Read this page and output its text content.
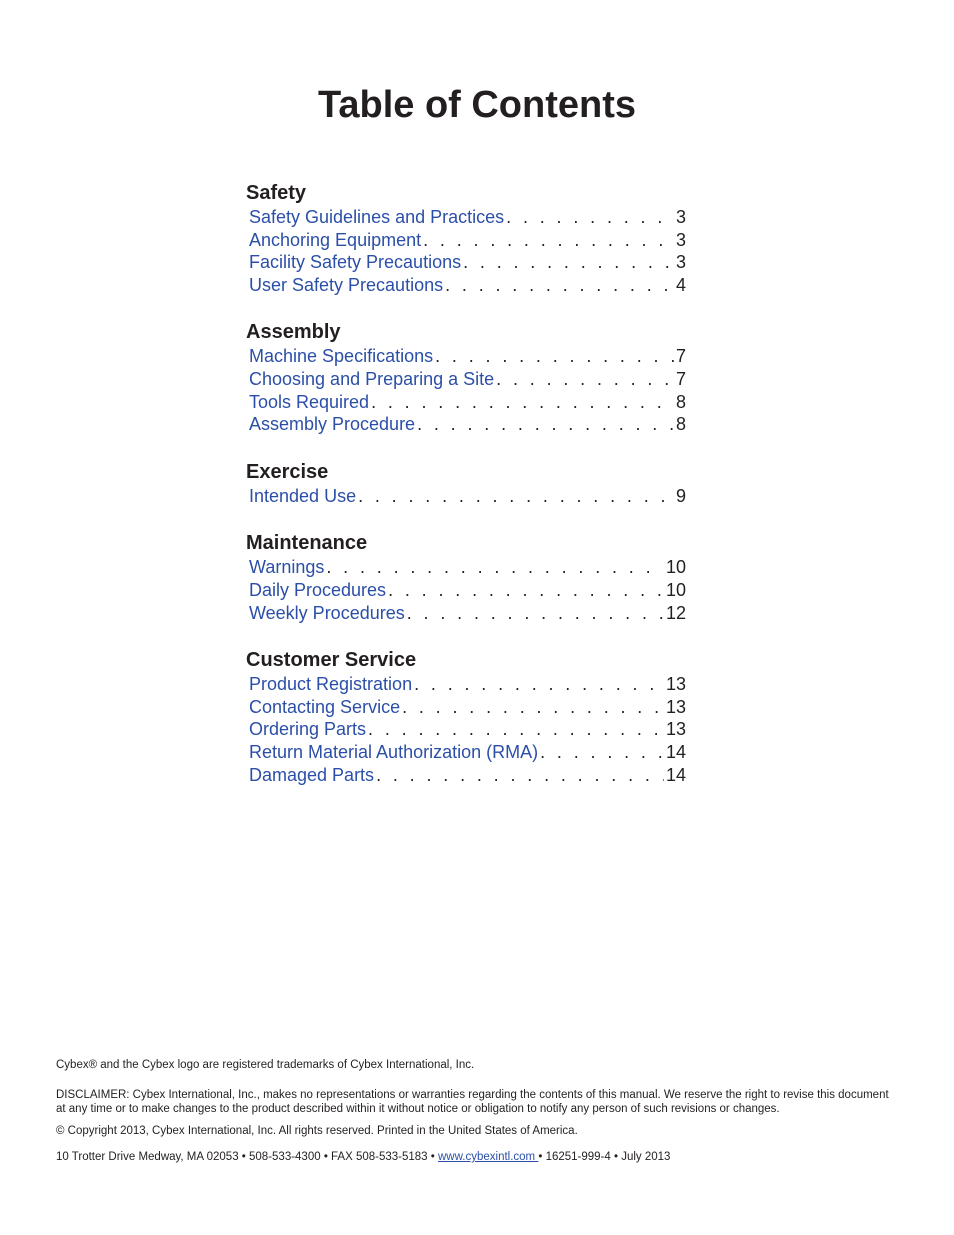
Table of Contents
Safety
Safety Guidelines and Practices . . .	3
Anchoring Equipment . . .	3
Facility Safety Precautions . . .	3
User Safety Precautions . . .	4
Assembly
Machine Specifications . . .	7
Choosing and Preparing a Site . . .	7
Tools Required . . .	8
Assembly Procedure . . .	8
Exercise
Intended Use . . .	9
Maintenance
Warnings . . .	10
Daily Procedures . . .	10
Weekly Procedures . . .	12
Customer Service
Product Registration . . .	13
Contacting Service . . .	13
Ordering Parts . . .	13
Return Material Authorization (RMA) . . .	14
Damaged Parts . . .	14

Cybex® and the Cybex logo are registered trademarks of Cybex International, Inc.

DISCLAIMER: Cybex International, Inc., makes no representations or warranties regarding the contents of this manual. We reserve the right to revise this document at any time or to make changes to the product described within it without notice or obligation to notify any person of such revisions or changes.

© Copyright 2013, Cybex International, Inc. All rights reserved. Printed in the United States of America.

10 Trotter Drive Medway, MA 02053 • 508-533-4300 • FAX 508-533-5183 • www.cybexintl.com • 16251-999-4 • July 2013
